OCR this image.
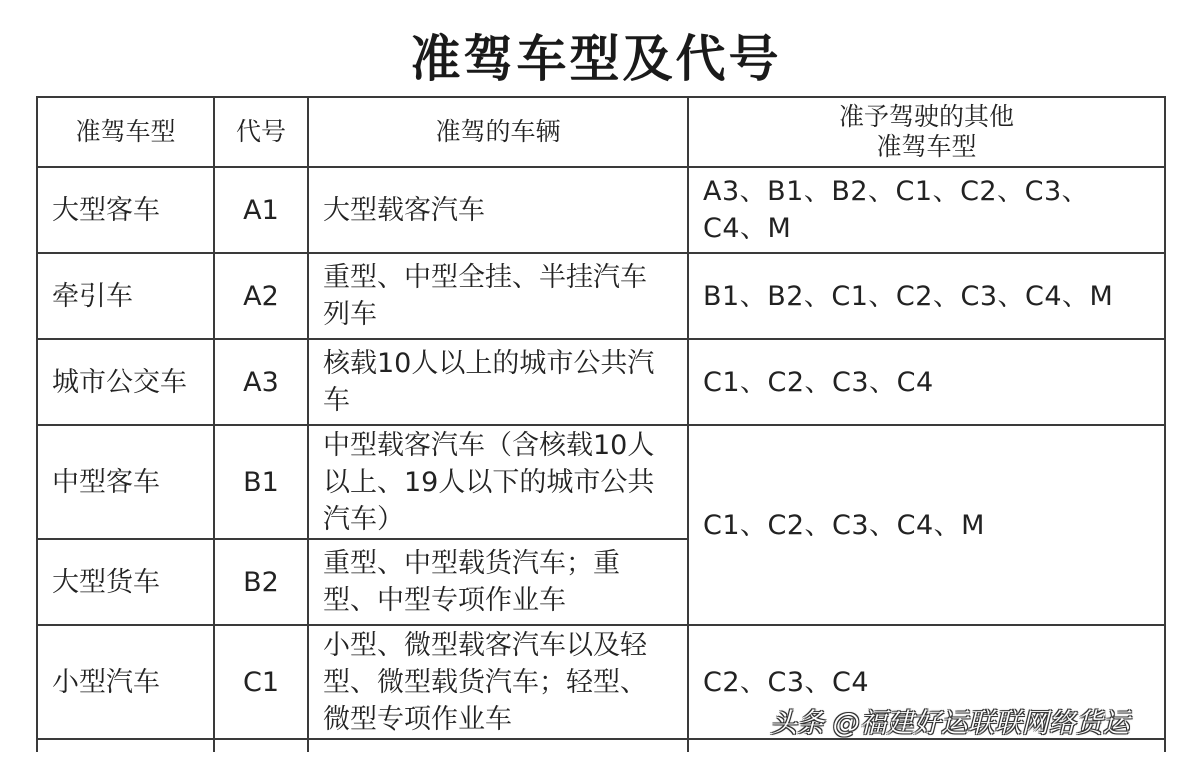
准驾车型及代号
准驾车型	代号	准驾的车辆	准予驾驶的其他
准驾车型

大型客车	A1	大型载客汽车	A3、B1、B2、C1、C2、C3、C4、M
牵引车	A2	重型、中型全挂、半挂汽车列车	B1、B2、C1、C2、C3、C4、M
城市公交车	A3	核载10人以上的城市公共汽车	C1、C2、C3、C4
中型客车	B1	中型载客汽车（含核载10人以上、19人以下的城市公共汽车）	C1、C2、C3、C4、M
大型货车	B2	重型、中型载货汽车；重型、中型专项作业车	
小型汽车	C1	小型、微型载客汽车以及轻型、微型载货汽车；轻型、微型专项作业车	C2、C3、C4

头条 @福建好运联联网络货运
